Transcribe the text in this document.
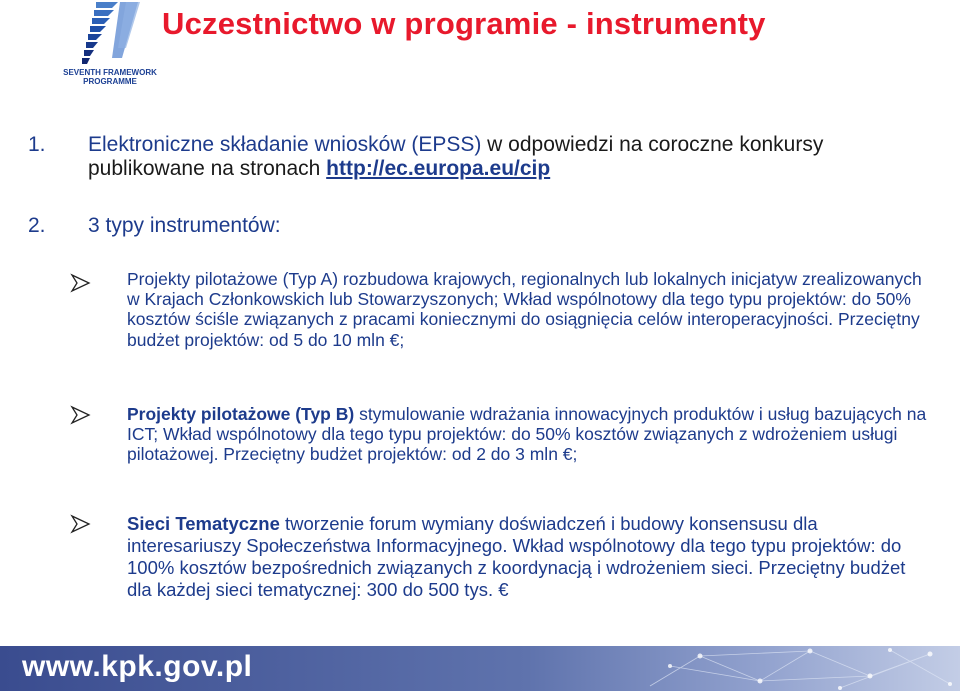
SEVENTH FRAMEWORK
PROGRAMME
Uczestnictwo w programie - instrumenty
1. Elektroniczne składanie wniosków (EPSS) w odpowiedzi na coroczne konkursy publikowane na stronach http://ec.europa.eu/cip
2. 3 typy instrumentów:
Projekty pilotażowe (Typ A) rozbudowa krajowych, regionalnych lub lokalnych inicjatyw zrealizowanych w Krajach Członkowskich lub Stowarzyszonych; Wkład wspólnotowy dla tego typu projektów: do 50% kosztów ściśle związanych z pracami koniecznymi do osiągnięcia celów interoperacyjności. Przeciętny budżet projektów: od 5 do 10 mln €;
Projekty pilotażowe (Typ B) stymulowanie wdrażania innowacyjnych produktów i usług bazujących na ICT; Wkład wspólnotowy dla tego typu projektów: do 50% kosztów związanych z wdrożeniem usługi pilotażowej. Przeciętny budżet projektów: od 2 do 3 mln €;
Sieci Tematyczne tworzenie forum wymiany doświadczeń i budowy konsensusu dla interesariuszy Społeczeństwa Informacyjnego. Wkład wspólnotowy dla tego typu projektów: do 100% kosztów bezpośrednich związanych z koordynacją i wdrożeniem sieci. Przeciętny budżet dla każdej sieci tematycznej: 300 do 500 tys. €
www.kpk.gov.pl
